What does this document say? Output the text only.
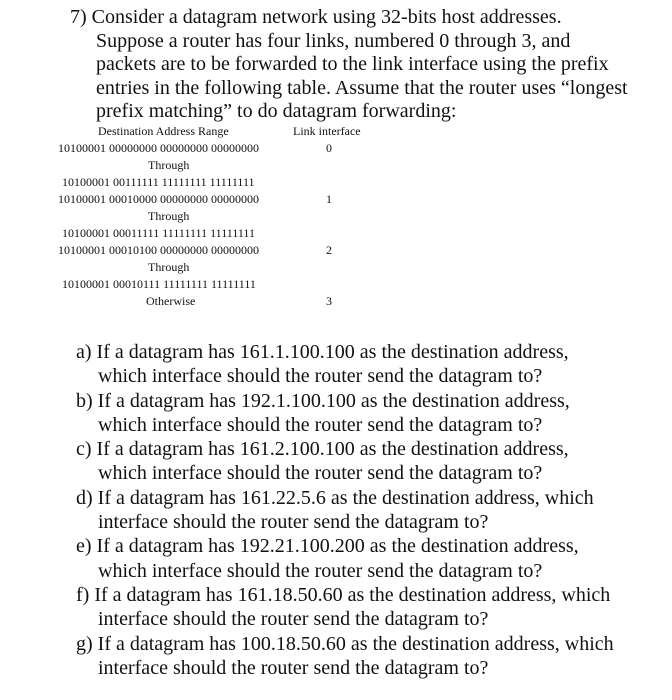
7) Consider a datagram network using 32-bits host addresses. Suppose a router has four links, numbered 0 through 3, and packets are to be forwarded to the link interface using the prefix entries in the following table. Assume that the router uses “longest prefix matching” to do datagram forwarding:

Destination Address Range	Link interface
10100001 00000000 00000000 00000000	0
Through
10100001 00111111 11111111 11111111
10100001 00010000 00000000 00000000	1
Through
10100001 00011111 11111111 11111111
10100001 00010100 00000000 00000000	2
Through
10100001 00010111 11111111 11111111
Otherwise	3

a) If a datagram has 161.1.100.100 as the destination address, which interface should the router send the datagram to?

b) If a datagram has 192.1.100.100 as the destination address, which interface should the router send the datagram to?

c) If a datagram has 161.2.100.100 as the destination address, which interface should the router send the datagram to?

d) If a datagram has 161.22.5.6 as the destination address, which interface should the router send the datagram to?

e) If a datagram has 192.21.100.200 as the destination address, which interface should the router send the datagram to?

f) If a datagram has 161.18.50.60 as the destination address, which interface should the router send the datagram to?

g) If a datagram has 100.18.50.60 as the destination address, which interface should the router send the datagram to?
